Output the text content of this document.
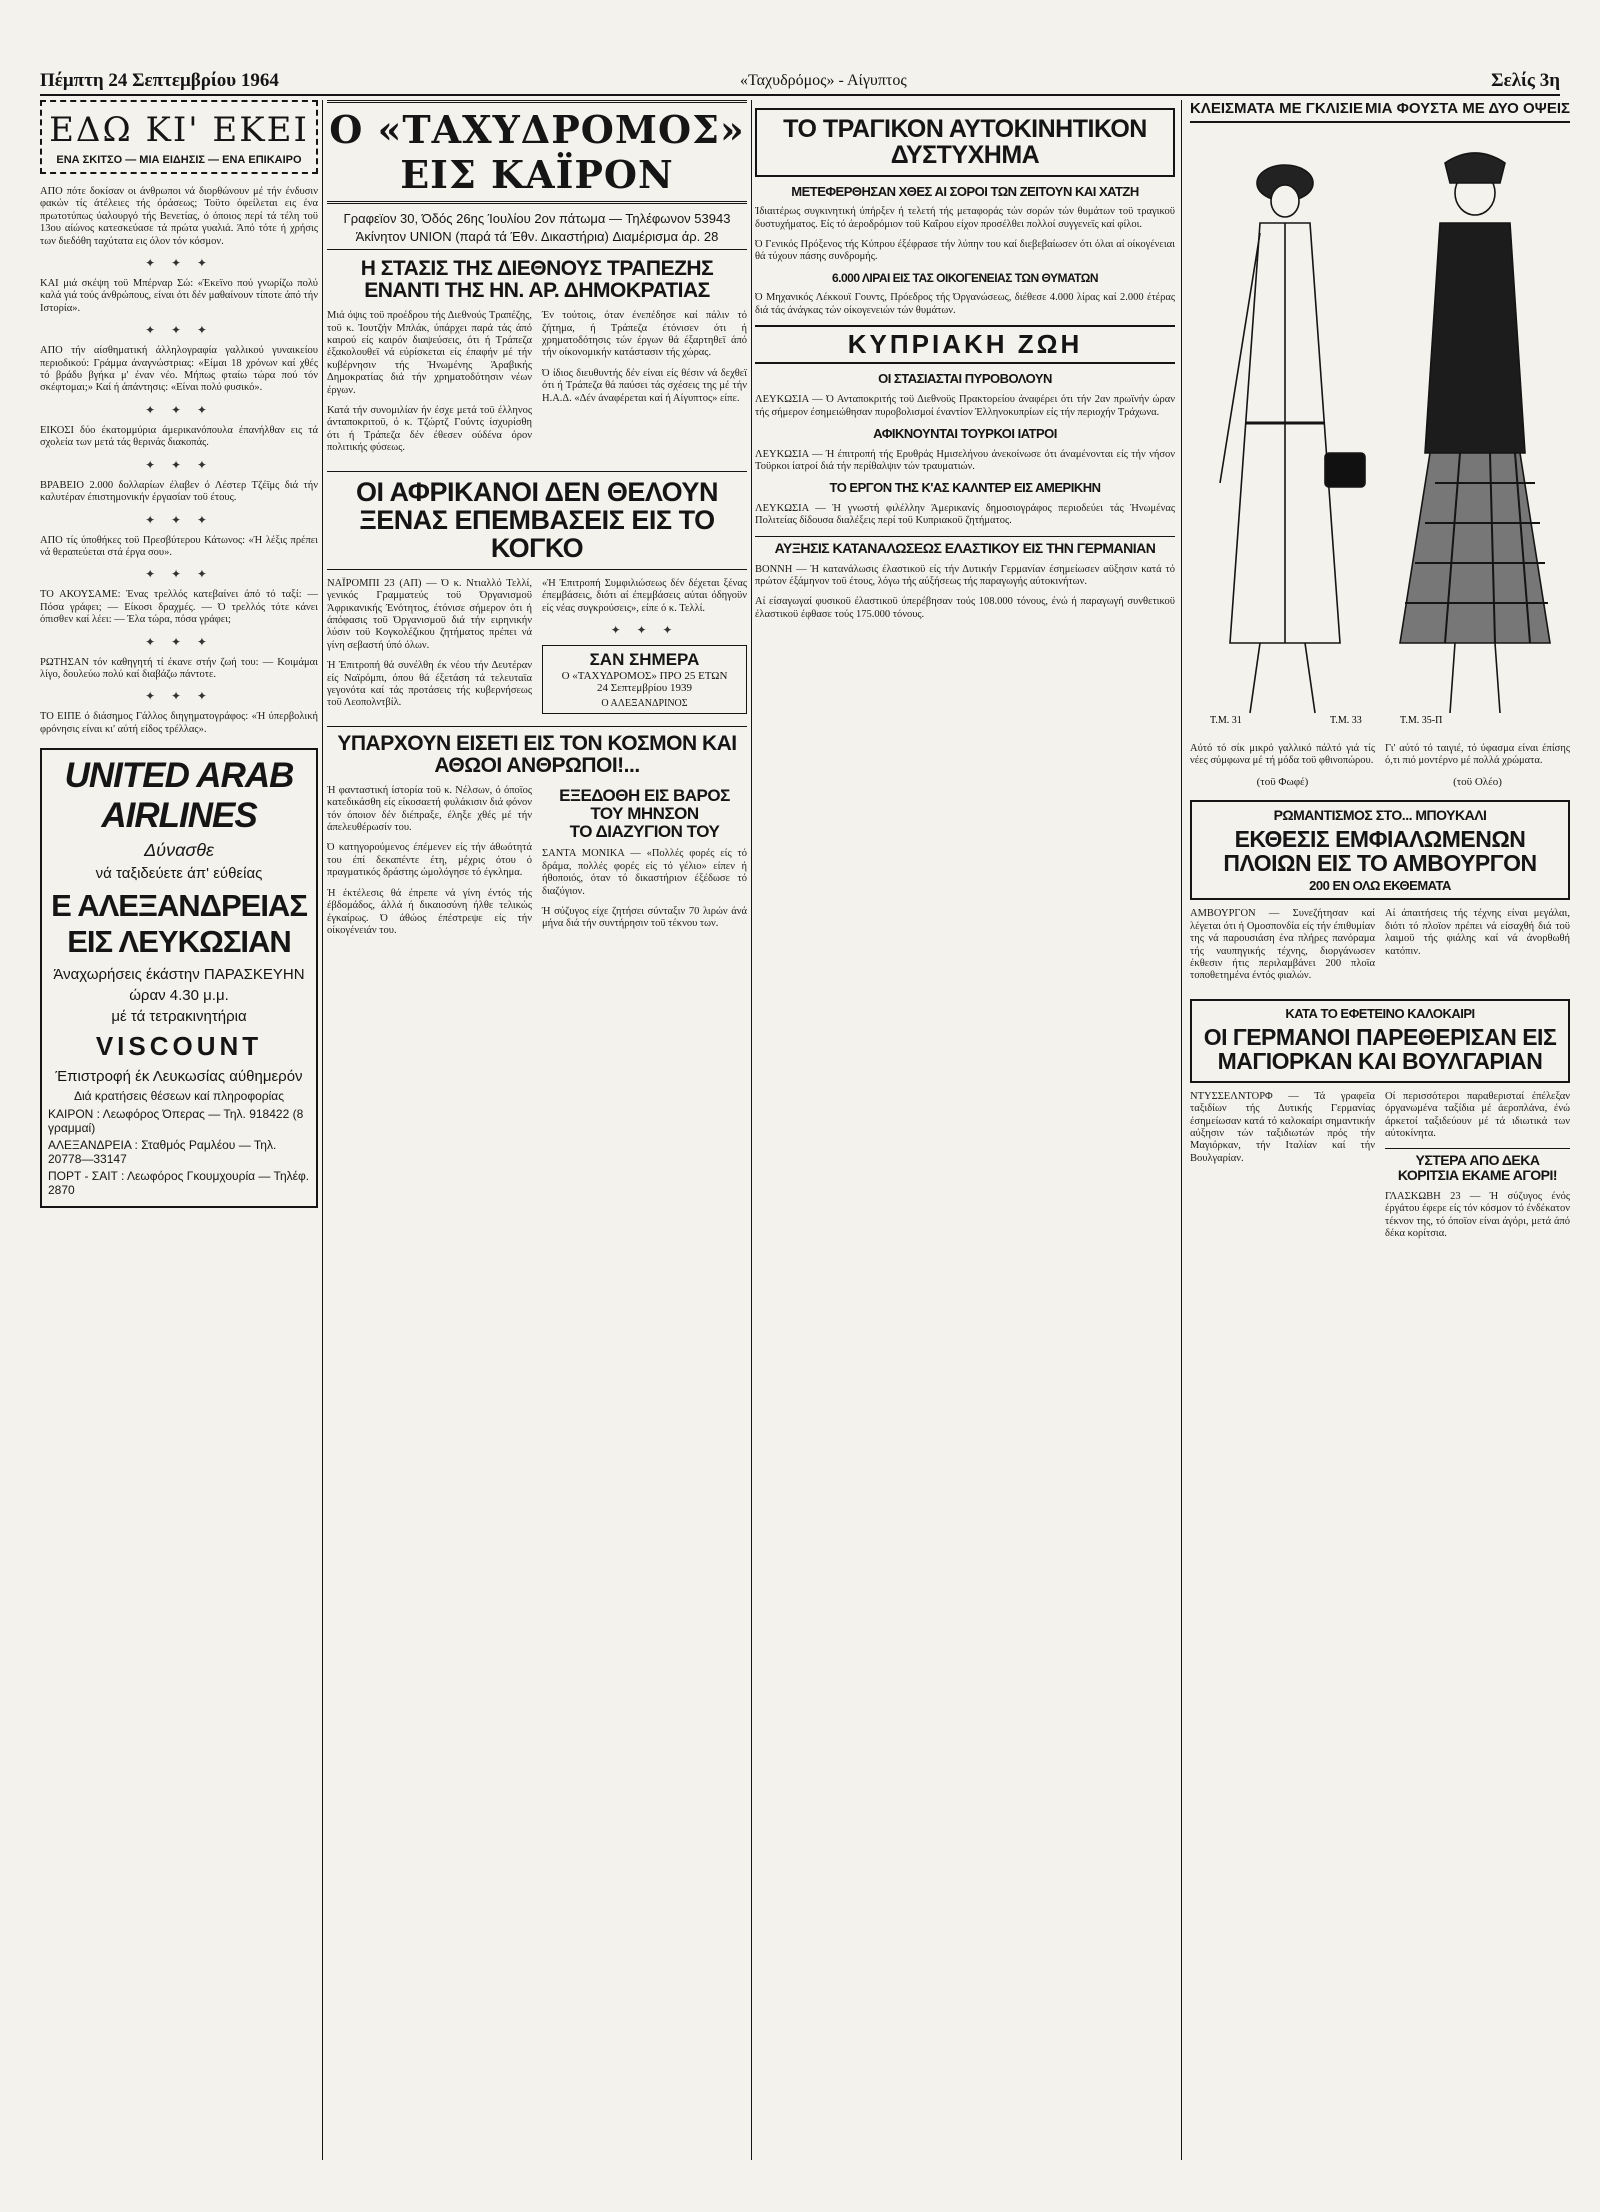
Πέμπτη 24 Σεπτεμβρίου 1964	«Ταχυδρόμος» - Αίγυπτος	Σελίς 3η
ΕΔΩ ΚΙ' ΕΚΕΙ
ΕΝΑ ΣΚΙΤΣΟ — ΜΙΑ ΕΙΔΗΣΙΣ — ΕΝΑ ΕΠΙΚΑΙΡΟ

ΑΠΟ πότε δοκίσαν οι άνθρωποι νά διορθώνουν μέ τήν ένδυσιν φακών τίς άτέλειες τής όράσεως; Τοϋτο όφείλεται εις ένα πρωτοτύπως ύαλουργό τής Βενετίας, ό όποιος περί τά τέλη τοϋ 13ου αίώνος κατεσκεύασε τά πρώτα γυαλιά. Άπό τότε ή χρήσις των διεδόθη ταχύτατα εις όλον τόν κόσμον.

✦ ✦ ✦

ΚΑΙ μιά σκέψη τοϋ Μπέρναρ Σώ: «Έκεϊνο πού γνωρίζω πολύ καλά γιά τούς άνθρώπους, είναι ότι δέν μαθαίνουν τίποτε άπό τήν Ιστορία».

✦ ✦ ✦

ΑΠΟ τήν αίσθηματική άλληλογραφία γαλλικού γυναικείου περιοδικού: Γράμμα άναγνώστριας: «Είμαι 18 χρόνων καί χθές τό βράδυ βγήκα μ' έναν νέο. Μήπως φταίω τώρα πού τόν σκέφτομαι;» Καί ή άπάντησις: «Είναι πολύ φυσικό».

✦ ✦ ✦

ΕΙΚΟΣΙ δύο έκατομμύρια άμερικανόπουλα έπανήλθαν εις τά σχολεία των μετά τάς θερινάς διακοπάς.

✦ ✦ ✦

ΒΡΑΒΕΙΟ 2.000 δολλαρίων έλαβεν ό Λέστερ Τζέϊμς διά τήν καλυτέραν έπιστημονικήν έργασίαν τοϋ έτους.

✦ ✦ ✦

ΑΠΟ τίς ύποθήκες τοϋ Πρεσβύτερου Κάτωνος: «Ή λέξις πρέπει νά θεραπεύεται στά έργα σου».

✦ ✦ ✦

ΤΟ ΑΚΟΥΣΑΜΕ: Ένας τρελλός κατεβαίνει άπό τό ταξί: — Πόσα γράφει; — Είκοσι δραχμές. — Ό τρελλός τότε κάνει όπισθεν καί λέει: — Έλα τώρα, πόσα γράφει;

✦ ✦ ✦

ΡΩΤΗΣΑΝ τόν καθηγητή τί έκανε στήν ζωή του: — Κοιμάμαι λίγο, δουλεύω πολύ καί διαβάζω πάντοτε.

✦ ✦ ✦

ΤΟ ΕΙΠΕ ό διάσημος Γάλλος διηγηματογράφος: «Ή ύπερβολική φρόνησις είναι κι' αύτή είδος τρέλλας».

UNITED ARAB AIRLINES
Δύνασθε
νά ταξιδεύετε άπ' εύθείας
Ε ΑΛΕΞΑΝΔΡΕΙΑΣ ΕΙΣ ΛΕΥΚΩΣΙΑΝ
Άναχωρήσεις έκάστην ΠΑΡΑΣΚΕΥΗΝ
ώραν 4.30 μ.μ.
μέ τά τετρακινητήρια
VISCOUNT
Έπιστροφή έκ Λευκωσίας αύθημερόν
Διά κρατήσεις θέσεων καί πληροφορίας
ΚΑΙΡΟΝ : Λεωφόρος Όπερας — Τηλ. 918422 (8 γραμμαί)
ΑΛΕΞΑΝΔΡΕΙΑ : Σταθμός Ραμλέου — Τηλ. 20778—33147
ΠΟΡΤ - ΣΑΙΤ : Λεωφόρος Γκουμχουρία — Τηλέφ. 2870
Ο «ΤΑΧΥΔΡΟΜΟΣ» ΕΙΣ ΚΑΪΡΟΝ
Γραφεϊον 30, Όδός 26ης Ίουλίου 2ον πάτωμα — Τηλέφωνον 53943
Άκίνητον UNION (παρά τά Έθν. Δικαστήρια) Διαμέρισμα άρ. 28
Η ΣΤΑΣΙΣ ΤΗΣ ΔΙΕΘΝΟΥΣ ΤΡΑΠΕΖΗΣ ΕΝΑΝΤΙ ΤΗΣ ΗΝ. ΑΡ. ΔΗΜΟΚΡΑΤΙΑΣ

Μιά όψις τοϋ προέδρου τής Διεθνούς Τραπέζης, τοϋ κ. Ίουτζήν Μπλάκ, ύπάρχει παρά τάς άπό καιρού είς καιρόν διαψεύσεις, ότι ή Τράπεζα έξακολουθεϊ νά εύρίσκεται είς έπαφήν μέ τήν κυβέρνησιν τής Ήνωμένης Άραβικής Δημοκρατίας διά τήν χρηματοδότησιν νέων έργων.

Κατά τήν συνομιλίαν ήν έσχε μετά τοϋ έλληνος άνταποκριτοϋ, ό κ. Τζώρτζ Γούντς ίσχυρίσθη ότι ή Τράπεζα δέν έθεσεν ούδένα όρον πολιτικής φύσεως.

Έν τούτοις, όταν ένεπέδησε καί πάλιν τό ζήτημα, ή Τράπεζα έτόνισεν ότι ή χρηματοδότησις τών έργων θά έξαρτηθεϊ άπό τήν οίκονομικήν κατάστασιν τής χώρας.

Ό ίδιος διευθυντής δέν είναι είς θέσιν νά δεχθεϊ ότι ή Τράπεζα θά παύσει τάς σχέσεις της μέ τήν Η.Α.Δ. «Δέν άναφέρεται καί ή Αίγυπτος» είπε.

ΟΙ ΑΦΡΙΚΑΝΟΙ ΔΕΝ ΘΕΛΟΥΝ ΞΕΝΑΣ ΕΠΕΜΒΑΣΕΙΣ ΕΙΣ ΤΟ ΚΟΓΚΟ

ΝΑΪΡΟΜΠΙ 23 (ΑΠ) — Ό κ. Ντιαλλό Τελλί, γενικός Γραμματεύς τοϋ Όργανισμοϋ Άφρικανικής Ένότητος, έτόνισε σήμερον ότι ή άπόφασις τοϋ Όργανισμοϋ διά τήν ειρηνικήν λύσιν τοϋ Κογκολέζικου ζητήματος πρέπει νά γίνη σεβαστή ύπό όλων.

Ή Έπιτροπή θά συνέλθη έκ νέου τήν Δευτέραν είς Ναϊρόμπι, όπου θά έξετάση τά τελευταϊα γεγονότα καί τάς προτάσεις τής κυβερνήσεως τοϋ Λεοπολντβίλ.

«Ή Έπιτροπή Συμφιλιώσεως δέν δέχεται ξένας έπεμβάσεις, διότι αί έπεμβάσεις αύται όδηγοϋν είς νέας συγκρούσεις», είπε ό κ. Τελλί.

✦ ✦ ✦
ΣΑΝ ΣΗΜΕΡΑ
Ο «ΤΑΧΥΔΡΟΜΟΣ» ΠΡΟ 25 ΕΤΩΝ
24 Σεπτεμβρίου 1939
Ο ΑΛΕΞΑΝΔΡΙΝΟΣ
ΥΠΑΡΧΟΥΝ ΕΙΣΕΤΙ ΕΙΣ ΤΟΝ ΚΟΣΜΟΝ ΚΑΙ ΑΘΩΟΙ ΑΝΘΡΩΠΟΙ!...

Ή φανταστική ίστορία τοϋ κ. Νέλσων, ό όποϊος κατεδικάσθη είς είκοσαετή φυλάκισιν διά φόνον τόν όποιον δέν διέπραξε, έληξε χθές μέ τήν άπελευθέρωσίν του.

Ό κατηγορούμενος έπέμενεν είς τήν άθωότητά του έπί δεκαπέντε έτη, μέχρις ότου ό πραγματικός δράστης ώμολόγησε τό έγκλημα.

Ή έκτέλεσις θά έπρεπε νά γίνη έντός τής έβδομάδος, άλλά ή δικαιοσύνη ήλθε τελικώς έγκαίρως. Ό άθώος έπέστρεψε είς τήν οίκογένειάν του.

ΕΞΕΔΟΘΗ ΕΙΣ ΒΑΡΟΣ
ΤΟΥ ΜΗΝΣΟΝ
ΤΟ ΔΙΑΖΥΓΙΟΝ ΤΟΥ

ΣΑΝΤΑ ΜΟΝΙΚΑ — «Πολλές φορές είς τό δράμα, πολλές φορές είς τό γέλιο» είπεν ή ήθοποιός, όταν τό δικαστήριον έξέδωσε τό διαζύγιον.

Ή σύζυγος είχε ζητήσει σύνταξιν 70 λιρών άνά μήνα διά τήν συντήρησιν τοϋ τέκνου των.

ΤΟ ΤΡΑΓΙΚΟΝ ΑΥΤΟΚΙΝΗΤΙΚΟΝ ΔΥΣΤΥΧΗΜΑ
ΜΕΤΕΦΕΡΘΗΣΑΝ ΧΘΕΣ ΑΙ ΣΟΡΟΙ ΤΩΝ ΖΕΙΤΟΥΝ ΚΑΙ ΧΑΤΖΗ

Ίδιαιτέρως συγκινητική ύπήρξεν ή τελετή τής μεταφοράς τών σορών τών θυμάτων τοϋ τραγικοϋ δυστυχήματος. Είς τό άεροδρόμιον τοϋ Καΐρου είχον προσέλθει πολλοί συγγενεϊς καί φίλοι.

Ό Γενικός Πρόξενος τής Κύπρου έξέφρασε τήν λύπην του καί διεβεβαίωσεν ότι όλαι αί οίκογένειαι θά τύχουν πάσης συνδρομής.

6.000 ΛΙΡΑΙ ΕΙΣ ΤΑΣ ΟΙΚΟΓΕΝΕΙΑΣ ΤΩΝ ΘΥΜΑΤΩΝ

Ό Μηχανικός Λέκκουϊ Γουντς, Πρόεδρος τής Όργανώσεως, διέθεσε 4.000 λίρας καί 2.000 έτέρας διά τάς άνάγκας τών οίκογενειών τών θυμάτων.

ΚΥΠΡΙΑΚΗ ΖΩΗ
ΟΙ ΣΤΑΣΙΑΣΤΑΙ ΠΥΡΟΒΟΛΟΥΝ

ΛΕΥΚΩΣΙΑ — Ό Ανταποκριτής τοϋ Διεθνοϋς Πρακτορείου άναφέρει ότι τήν 2αν πρωϊνήν ώραν τής σήμερον έσημειώθησαν πυροβολισμοί έναντίον Έλληνοκυπρίων είς τήν περιοχήν Τράχωνα.

ΑΦΙΚΝΟΥΝΤΑΙ ΤΟΥΡΚΟΙ ΙΑΤΡΟΙ

ΛΕΥΚΩΣΙΑ — Ή έπιτροπή τής Ερυθράς Ημισελήνου άνεκοίνωσε ότι άναμένονται είς τήν νήσον Τοϋρκοι ίατροί διά τήν περίθαλψιν τών τραυματιών.

ΤΟ ΕΡΓΟΝ ΤΗΣ Κ'ΑΣ ΚΑΛΝΤΕΡ ΕΙΣ ΑΜΕΡΙΚΗΝ

ΛΕΥΚΩΣΙΑ — Ή γνωστή φιλέλλην Άμερικανίς δημοσιογράφος περιοδεύει τάς Ήνωμένας Πολιτείας δίδουσα διαλέξεις περί τοϋ Κυπριακοϋ ζητήματος.

ΑΥΞΗΣΙΣ ΚΑΤΑΝΑΛΩΣΕΩΣ ΕΛΑΣΤΙΚΟΥ ΕΙΣ ΤΗΝ ΓΕΡΜΑΝΙΑΝ

ΒΟΝΝΗ — Ή κατανάλωσις έλαστικοϋ είς τήν Δυτικήν Γερμανίαν έσημείωσεν αϋξησιν κατά τό πρώτον έξάμηνον τοϋ έτους, λόγω τής αύξήσεως τής παραγωγής αύτοκινήτων.

Αί είσαγωγαί φυσικοϋ έλαστικοϋ ύπερέβησαν τούς 108.000 τόνους, ένώ ή παραγωγή συνθετικοϋ έλαστικοϋ έφθασε τούς 175.000 τόνους.

ΚΛΕΙΣΜΑΤΑ ΜΕ ΓΚΛΙΣΙΕ ΜΙΑ ΦΟΥΣΤΑ ΜΕ ΔΥΟ ΟΨΕΙΣ
T.M. 31	T.M. 33	T.M. 35-Π

Αύτό τό σίκ μικρό γαλλικό πάλτό γιά τίς νέες σύμφωνα μέ τή μόδα τοϋ φθινοπώρου.

(τοϋ Φωφέ)

Γι' αύτό τό ταιγιέ, τό ύφασμα είναι έπίσης ό,τι πιό μοντέρνο μέ πολλά χρώματα.

(τοϋ Ολέο)
ΡΩΜΑΝΤΙΣΜΟΣ ΣΤΟ... ΜΠΟΥΚΑΛΙ
ΕΚΘΕΣΙΣ ΕΜΦΙΑΛΩΜΕΝΩΝ ΠΛΟΙΩΝ ΕΙΣ ΤΟ ΑΜΒΟΥΡΓΟΝ
200 ΕΝ ΟΛΩ ΕΚΘΕΜΑΤΑ

ΑΜΒΟΥΡΓΟΝ — Συνεζήτησαν καί λέγεται ότι ή Ομοσπονδία είς τήν έπιθυμίαν της νά παρουσιάση ένα πλήρες πανόραμα τής ναυπηγικής τέχνης, διοργάνωσεν έκθεσιν ήτις περιλαμβάνει 200 πλοϊα τοποθετημένα έντός φιαλών.

Αί άπαιτήσεις τής τέχνης είναι μεγάλαι, διότι τό πλοϊον πρέπει νά είσαχθή διά τοϋ λαιμοϋ τής φιάλης καί νά άνορθωθή κατόπιν.

ΚΑΤΑ ΤΟ ΕΦΕΤΕΙΝΟ ΚΑΛΟΚΑΙΡΙ
ΟΙ ΓΕΡΜΑΝΟΙ ΠΑΡΕΘΕΡΙΣΑΝ ΕΙΣ ΜΑΓΙΟΡΚΑΝ ΚΑΙ ΒΟΥΛΓΑΡΙΑΝ

ΝΤΥΣΣΕΛΝΤΟΡΦ — Τά γραφεϊα ταξιδίων τής Δυτικής Γερμανίας έσημείωσαν κατά τό καλοκαίρι σημαντικήν αύξησιν τών ταξιδιωτών πρός τήν Μαγιόρκαν, τήν Ιταλίαν καί τήν Βουλγαρίαν.

Οί περισσότεροι παραθερισταί έπέλεξαν όργανωμένα ταξίδια μέ άεροπλάνα, ένώ άρκετοί ταξιδεύουν μέ τά ιδιωτικά των αύτοκίνητα.

ΥΣΤΕΡΑ ΑΠΟ ΔΕΚΑ ΚΟΡΙΤΣΙΑ ΕΚΑΜΕ ΑΓΟΡΙ!

ΓΛΑΣΚΩΒΗ 23 — Ή σύζυγος ένός έργάτου έφερε είς τόν κόσμον τό ένδέκατον τέκνον της, τό όποϊον είναι άγόρι, μετά άπό δέκα κορίτσια.
